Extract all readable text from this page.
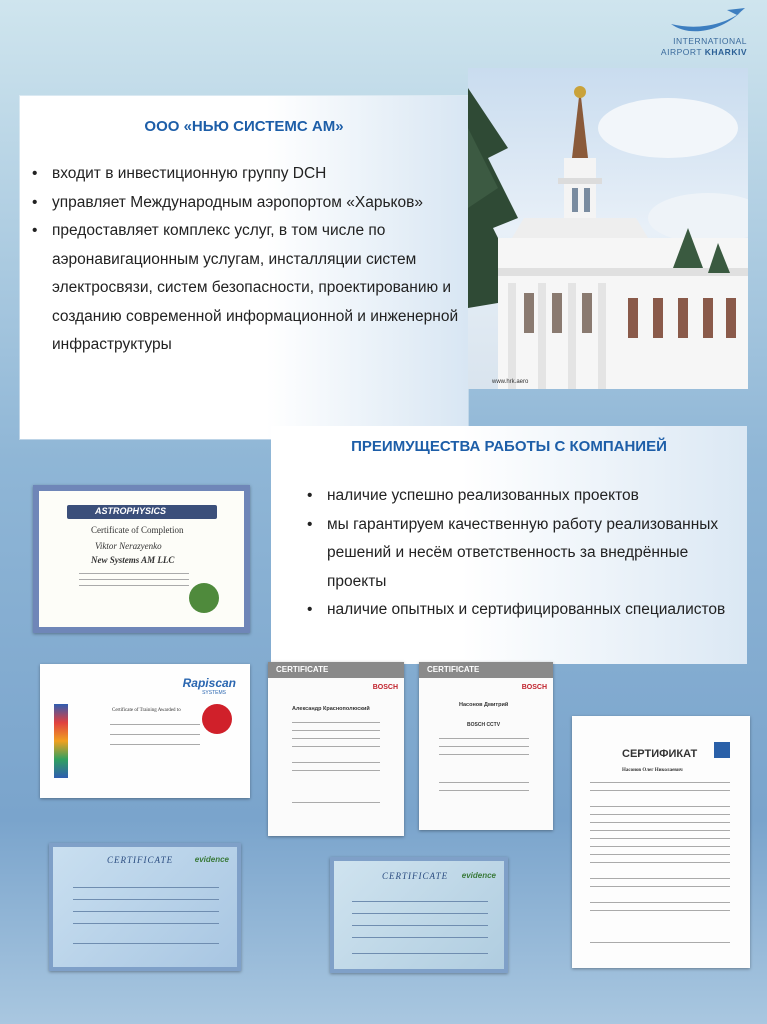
INTERNATIONAL
AIRPORT KHARKIV
ООО «НЬЮ СИСТЕМС АМ»
• входит в инвестиционную группу DCH
• управляет Международным аэропортом «Харьков»
• предоставляет комплекс услуг, в том числе по аэронавигационным услугам, инсталляции систем электросвязи, систем безопасности, проектированию и созданию современной информационной и инженерной инфраструктуры
www.hrk.aero
ПРЕИМУЩЕСТВА РАБОТЫ С КОМПАНИЕЙ
• наличие успешно реализованных проектов
• мы гарантируем качественную работу реализованных решений и несём ответственность за внедрённые проекты
• наличие опытных и сертифицированных специалистов
ASTROPHYSICS
Certificate of Completion
Viktor Nerazyenko
New Systems AM LLC
Rapiscan
SYSTEMS
Certificate of Training Awarded to
CERTIFICATE
BOSCH
Александр Краснополюский
CERTIFICATE
BOSCH
Насонов Дмитрий
BOSCH CCTV
СЕРТИФИКАТ
Насонов Олег Николаевич
CERTIFICATE	evidence
CERTIFICATE evidence
